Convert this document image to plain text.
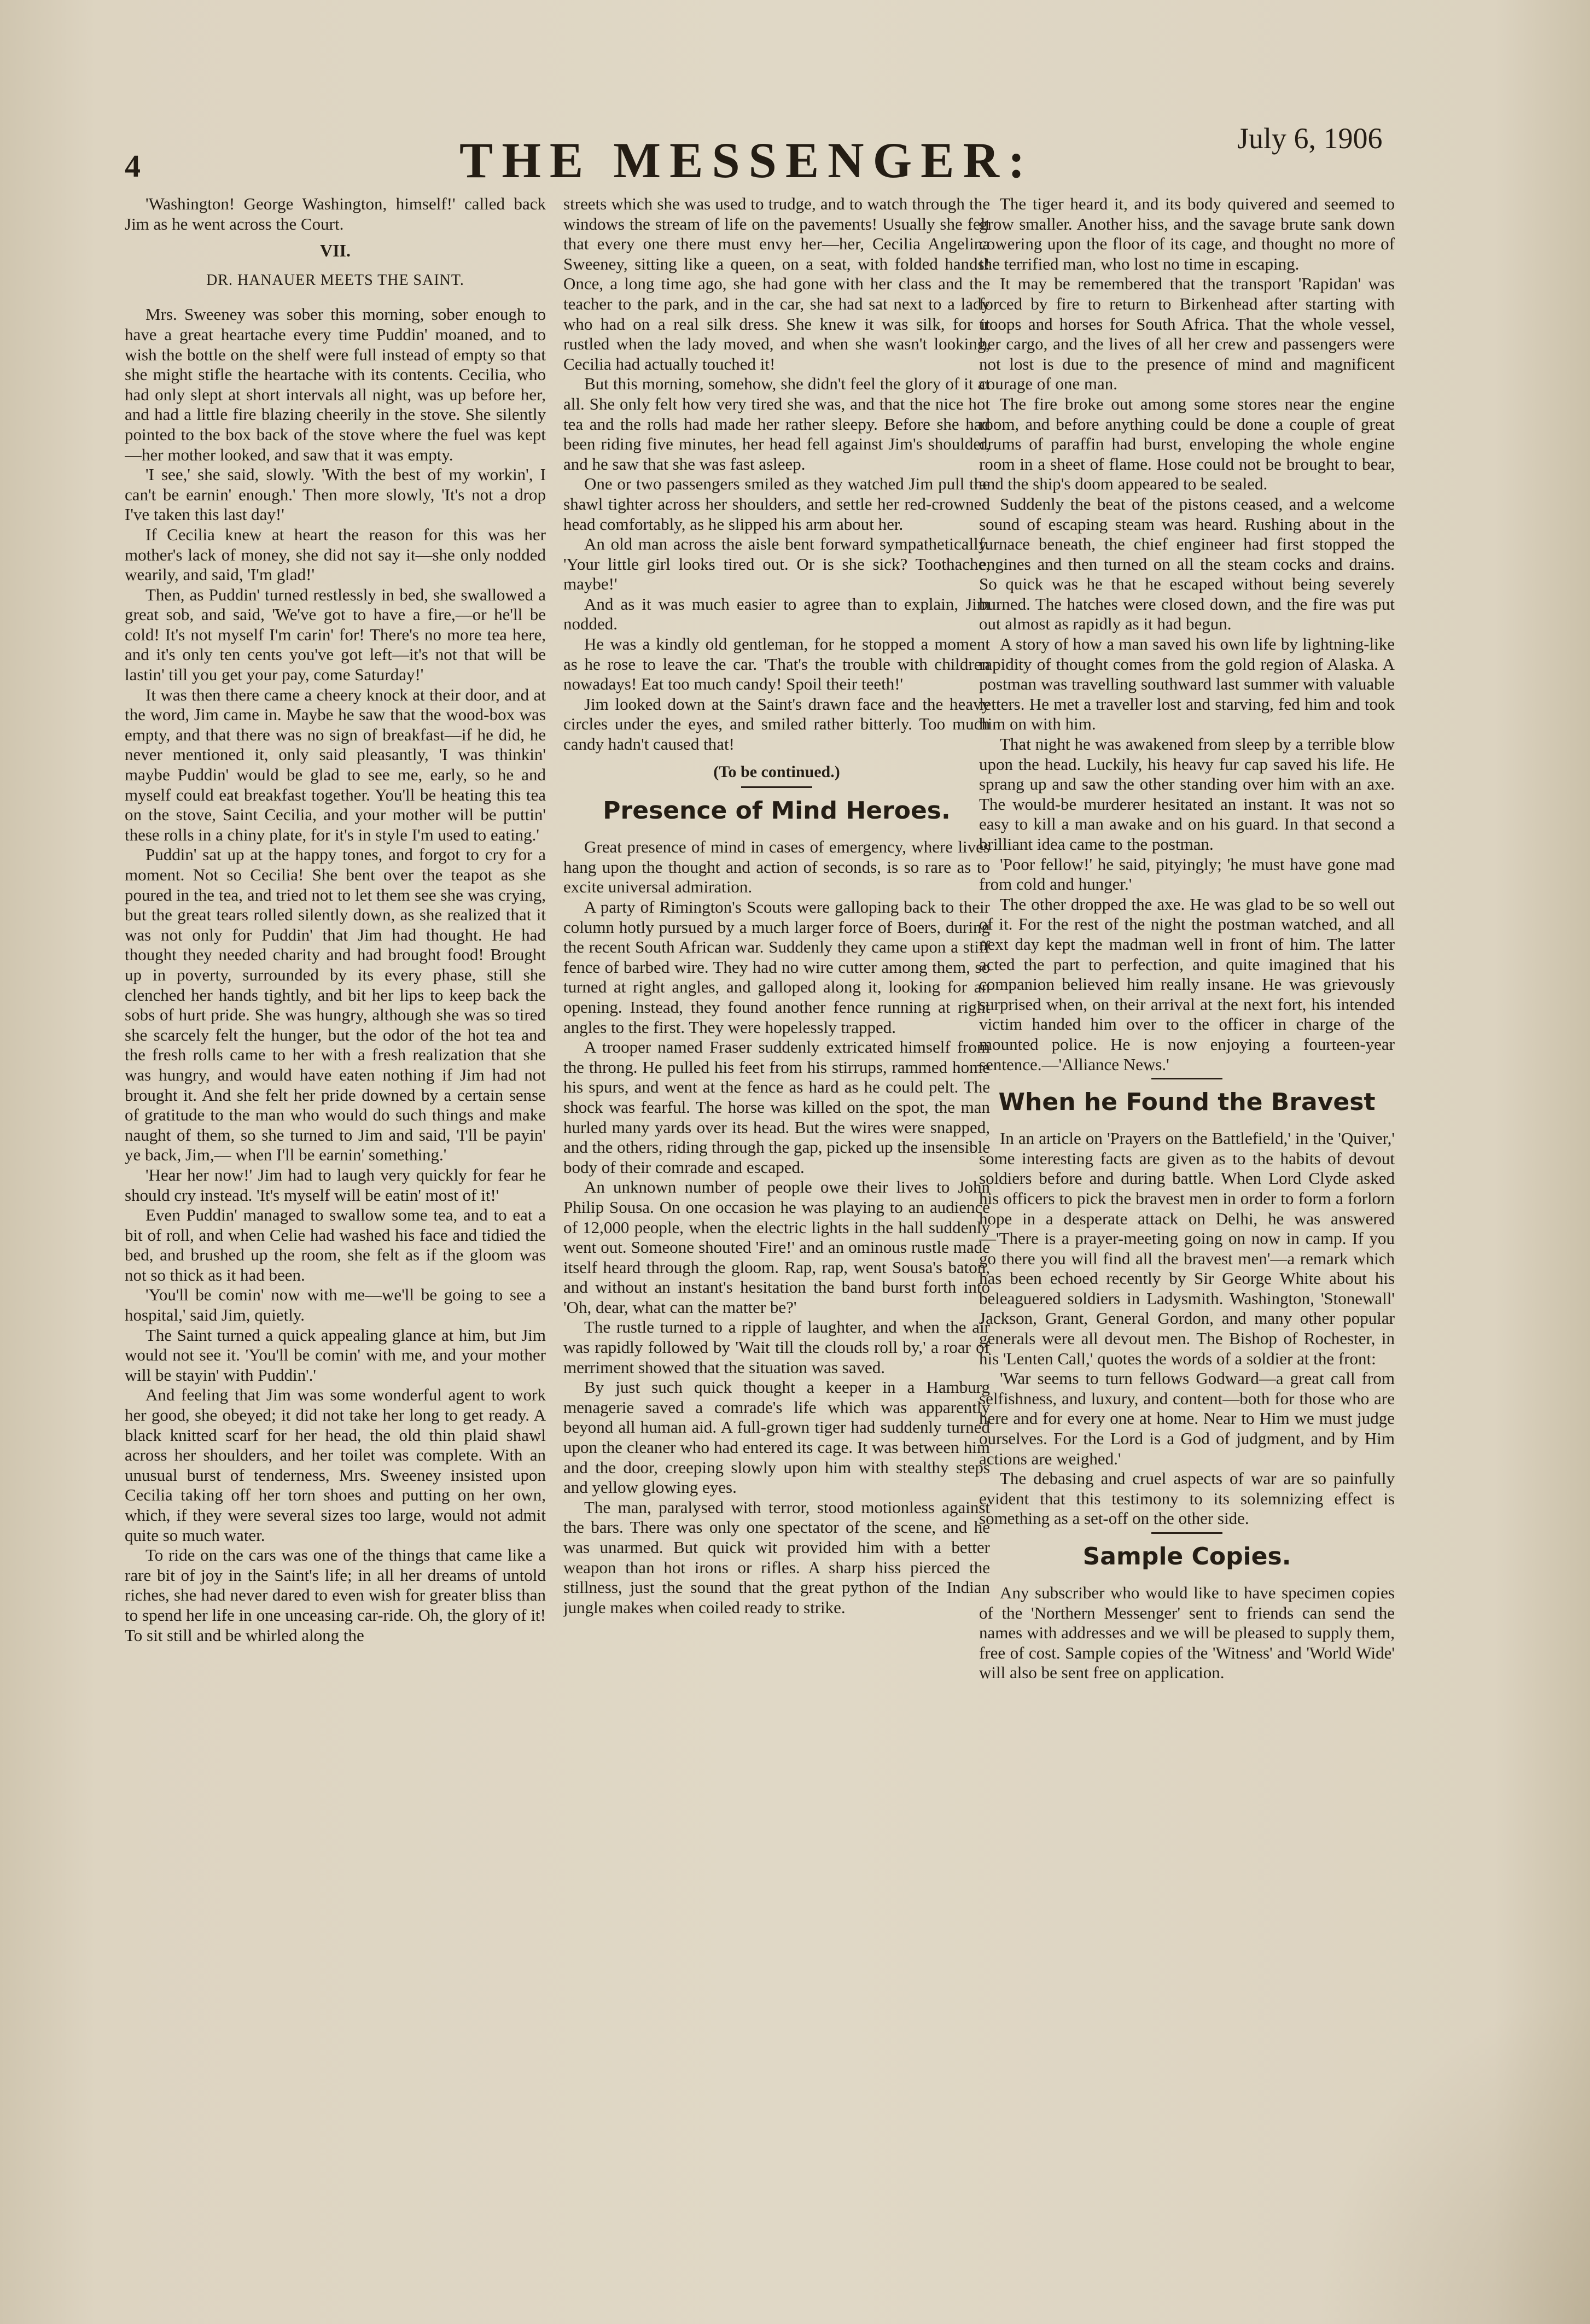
4	THE MESSENGER:	July 6, 1906

'Washington! George Washington, himself!' called back Jim as he went across the Court.

VII.
DR. HANAUER MEETS THE SAINT.

Mrs. Sweeney was sober this morning, sober enough to have a great heartache every time Puddin' moaned, and to wish the bottle on the shelf were full instead of empty so that she might stifle the heartache with its contents. Cecilia, who had only slept at short intervals all night, was up before her, and had a little fire blazing cheerily in the stove. She silently pointed to the box back of the stove where the fuel was kept—her mother looked, and saw that it was empty.

'I see,' she said, slowly. 'With the best of my workin', I can't be earnin' enough.' Then more slowly, 'It's not a drop I've taken this last day!'

If Cecilia knew at heart the reason for this was her mother's lack of money, she did not say it—she only nodded wearily, and said, 'I'm glad!'

Then, as Puddin' turned restlessly in bed, she swallowed a great sob, and said, 'We've got to have a fire,—or he'll be cold! It's not myself I'm carin' for! There's no more tea here, and it's only ten cents you've got left—it's not that will be lastin' till you get your pay, come Saturday!'

It was then there came a cheery knock at their door, and at the word, Jim came in. Maybe he saw that the wood-box was empty, and that there was no sign of breakfast—if he did, he never mentioned it, only said pleasantly, 'I was thinkin' maybe Puddin' would be glad to see me, early, so he and myself could eat breakfast together. You'll be heating this tea on the stove, Saint Cecilia, and your mother will be puttin' these rolls in a chiny plate, for it's in style I'm used to eating.'

Puddin' sat up at the happy tones, and forgot to cry for a moment. Not so Cecilia! She bent over the teapot as she poured in the tea, and tried not to let them see she was crying, but the great tears rolled silently down, as she realized that it was not only for Puddin' that Jim had thought. He had thought they needed charity and had brought food! Brought up in poverty, surrounded by its every phase, still she clenched her hands tightly, and bit her lips to keep back the sobs of hurt pride. She was hungry, although she was so tired she scarcely felt the hunger, but the odor of the hot tea and the fresh rolls came to her with a fresh realization that she was hungry, and would have eaten nothing if Jim had not brought it. And she felt her pride downed by a certain sense of gratitude to the man who would do such things and make naught of them, so she turned to Jim and said, 'I'll be payin' ye back, Jim,— when I'll be earnin' something.'

'Hear her now!' Jim had to laugh very quickly for fear he should cry instead. 'It's myself will be eatin' most of it!'

Even Puddin' managed to swallow some tea, and to eat a bit of roll, and when Celie had washed his face and tidied the bed, and brushed up the room, she felt as if the gloom was not so thick as it had been.

'You'll be comin' now with me—we'll be going to see a hospital,' said Jim, quietly.

The Saint turned a quick appealing glance at him, but Jim would not see it. 'You'll be comin' with me, and your mother will be stayin' with Puddin'.'

And feeling that Jim was some wonderful agent to work her good, she obeyed; it did not take her long to get ready. A black knitted scarf for her head, the old thin plaid shawl across her shoulders, and her toilet was complete. With an unusual burst of tenderness, Mrs. Sweeney insisted upon Cecilia taking off her torn shoes and putting on her own, which, if they were several sizes too large, would not admit quite so much water.

To ride on the cars was one of the things that came like a rare bit of joy in the Saint's life; in all her dreams of untold riches, she had never dared to even wish for greater bliss than to spend her life in one unceasing car-ride. Oh, the glory of it! To sit still and be whirled along the

streets which she was used to trudge, and to watch through the windows the stream of life on the pavements! Usually she felt that every one there must envy her—her, Cecilia Angelina Sweeney, sitting like a queen, on a seat, with folded hands! Once, a long time ago, she had gone with her class and the teacher to the park, and in the car, she had sat next to a lady who had on a real silk dress. She knew it was silk, for it rustled when the lady moved, and when she wasn't looking, Cecilia had actually touched it!

But this morning, somehow, she didn't feel the glory of it at all. She only felt how very tired she was, and that the nice hot tea and the rolls had made her rather sleepy. Before she had been riding five minutes, her head fell against Jim's shoulder, and he saw that she was fast asleep.

One or two passengers smiled as they watched Jim pull the shawl tighter across her shoulders, and settle her red-crowned head comfortably, as he slipped his arm about her.

An old man across the aisle bent forward sympathetically. 'Your little girl looks tired out. Or is she sick? Toothache, maybe!'

And as it was much easier to agree than to explain, Jim nodded.

He was a kindly old gentleman, for he stopped a moment as he rose to leave the car. 'That's the trouble with children nowadays! Eat too much candy! Spoil their teeth!'

Jim looked down at the Saint's drawn face and the heavy circles under the eyes, and smiled rather bitterly. Too much candy hadn't caused that!

(To be continued.)
Presence of Mind Heroes.

Great presence of mind in cases of emergency, where lives hang upon the thought and action of seconds, is so rare as to excite universal admiration.

A party of Rimington's Scouts were galloping back to their column hotly pursued by a much larger force of Boers, during the recent South African war. Suddenly they came upon a stiff fence of barbed wire. They had no wire cutter among them, so turned at right angles, and galloped along it, looking for an opening. Instead, they found another fence running at right angles to the first. They were hopelessly trapped.

A trooper named Fraser suddenly extricated himself from the throng. He pulled his feet from his stirrups, rammed home his spurs, and went at the fence as hard as he could pelt. The shock was fearful. The horse was killed on the spot, the man hurled many yards over its head. But the wires were snapped, and the others, riding through the gap, picked up the insensible body of their comrade and escaped.

An unknown number of people owe their lives to John Philip Sousa. On one occasion he was playing to an audience of 12,000 people, when the electric lights in the hall suddenly went out. Someone shouted 'Fire!' and an ominous rustle made itself heard through the gloom. Rap, rap, went Sousa's baton, and without an instant's hesitation the band burst forth into 'Oh, dear, what can the matter be?'

The rustle turned to a ripple of laughter, and when the air was rapidly followed by 'Wait till the clouds roll by,' a roar of merriment showed that the situation was saved.

By just such quick thought a keeper in a Hamburg menagerie saved a comrade's life which was apparently beyond all human aid. A full-grown tiger had suddenly turned upon the cleaner who had entered its cage. It was between him and the door, creeping slowly upon him with stealthy steps and yellow glowing eyes.

The man, paralysed with terror, stood motionless against the bars. There was only one spectator of the scene, and he was unarmed. But quick wit provided him with a better weapon than hot irons or rifles. A sharp hiss pierced the stillness, just the sound that the great python of the Indian jungle makes when coiled ready to strike.

The tiger heard it, and its body quivered and seemed to grow smaller. Another hiss, and the savage brute sank down cowering upon the floor of its cage, and thought no more of the terrified man, who lost no time in escaping.

It may be remembered that the transport 'Rapidan' was forced by fire to return to Birkenhead after starting with troops and horses for South Africa. That the whole vessel, her cargo, and the lives of all her crew and passengers were not lost is due to the presence of mind and magnificent courage of one man.

The fire broke out among some stores near the engine room, and before anything could be done a couple of great drums of paraffin had burst, enveloping the whole engine room in a sheet of flame. Hose could not be brought to bear, and the ship's doom appeared to be sealed.

Suddenly the beat of the pistons ceased, and a welcome sound of escaping steam was heard. Rushing about in the furnace beneath, the chief engineer had first stopped the engines and then turned on all the steam cocks and drains. So quick was he that he escaped without being severely burned. The hatches were closed down, and the fire was put out almost as rapidly as it had begun.

A story of how a man saved his own life by lightning-like rapidity of thought comes from the gold region of Alaska. A postman was travelling southward last summer with valuable letters. He met a traveller lost and starving, fed him and took him on with him.

That night he was awakened from sleep by a terrible blow upon the head. Luckily, his heavy fur cap saved his life. He sprang up and saw the other standing over him with an axe. The would-be murderer hesitated an instant. It was not so easy to kill a man awake and on his guard. In that second a brilliant idea came to the postman.

'Poor fellow!' he said, pityingly; 'he must have gone mad from cold and hunger.'

The other dropped the axe. He was glad to be so well out of it. For the rest of the night the postman watched, and all next day kept the madman well in front of him. The latter acted the part to perfection, and quite imagined that his companion believed him really insane. He was grievously surprised when, on their arrival at the next fort, his intended victim handed him over to the officer in charge of the mounted police. He is now enjoying a fourteen-year sentence.—'Alliance News.'

When he Found the Bravest

In an article on 'Prayers on the Battlefield,' in the 'Quiver,' some interesting facts are given as to the habits of devout soldiers before and during battle. When Lord Clyde asked his officers to pick the bravest men in order to form a forlorn hope in a desperate attack on Delhi, he was answered—'There is a prayer-meeting going on now in camp. If you go there you will find all the bravest men'—a remark which has been echoed recently by Sir George White about his beleaguered soldiers in Ladysmith. Washington, 'Stonewall' Jackson, Grant, General Gordon, and many other popular generals were all devout men. The Bishop of Rochester, in his 'Lenten Call,' quotes the words of a soldier at the front:

'War seems to turn fellows Godward—a great call from selfishness, and luxury, and content—both for those who are here and for every one at home. Near to Him we must judge ourselves. For the Lord is a God of judgment, and by Him actions are weighed.'

The debasing and cruel aspects of war are so painfully evident that this testimony to its solemnizing effect is something as a set-off on the other side.

Sample Copies.

Any subscriber who would like to have specimen copies of the 'Northern Messenger' sent to friends can send the names with addresses and we will be pleased to supply them, free of cost. Sample copies of the 'Witness' and 'World Wide' will also be sent free on application.
